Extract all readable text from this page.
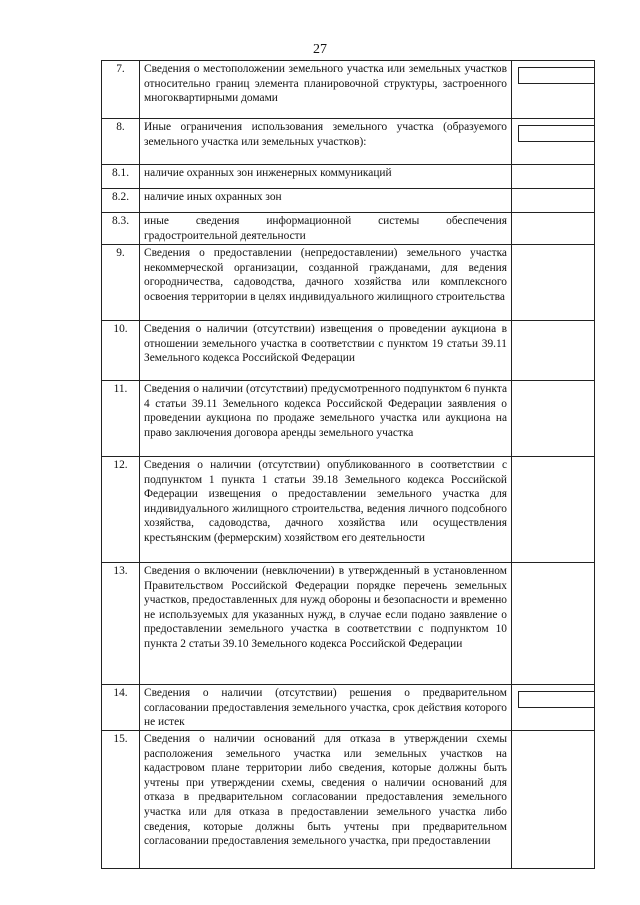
27
7.	Сведения о местоположении земельного участка или земельных участков относительно границ элемента планировочной структуры, застроенного многоквартирными домами	

8.	Иные ограничения использования земельного участка (образуемого земельного участка или земельных участков):	

8.1.	наличие охранных зон инженерных коммуникаций	
8.2.	наличие иных охранных зон	
8.3.	иные сведения информационной системы обеспечения градостроительной деятельности	
9.	Сведения о предоставлении (непредоставлении) земельного участка некоммерческой организации, созданной гражданами, для ведения огородничества, садоводства, дачного хозяйства или комплексного освоения территории в целях индивидуального жилищного строительства	
10.	Сведения о наличии (отсутствии) извещения о проведении аукциона в отношении земельного участка в соответствии с пунктом 19 статьи 39.11 Земельного кодекса Российской Федерации	
11.	Сведения о наличии (отсутствии) предусмотренного подпунктом 6 пункта 4 статьи 39.11 Земельного кодекса Российской Федерации заявления о проведении аукциона по продаже земельного участка или аукциона на право заключения договора аренды земельного участка	
12.	Сведения о наличии (отсутствии) опубликованного в соответствии с подпунктом 1 пункта 1 статьи 39.18 Земельного кодекса Российской Федерации извещения о предоставлении земельного участка для индивидуального жилищного строительства, ведения личного подсобного хозяйства, садоводства, дачного хозяйства или осуществления крестьянским (фермерским) хозяйством его деятельности	
13.	Сведения о включении (невключении) в утвержденный в установленном Правительством Российской Федерации порядке перечень земельных участков, предоставленных для нужд обороны и безопасности и временно не используемых для указанных нужд, в случае если подано заявление о предоставлении земельного участка в соответствии с подпунктом 10 пункта 2 статьи 39.10 Земельного кодекса Российской Федерации	
14.	Сведения о наличии (отсутствии) решения о предварительном согласовании предоставления земельного участка, срок действия которого не истек	

15.	Сведения о наличии оснований для отказа в утверждении схемы расположения земельного участка или земельных участков на кадастровом плане территории либо сведения, которые должны быть учтены при утверждении схемы, сведения о наличии оснований для отказа в предварительном согласовании предоставления земельного участка или для отказа в предоставлении земельного участка либо сведения, которые должны быть учтены при предварительном согласовании предоставления земельного участка, при предоставлении	
